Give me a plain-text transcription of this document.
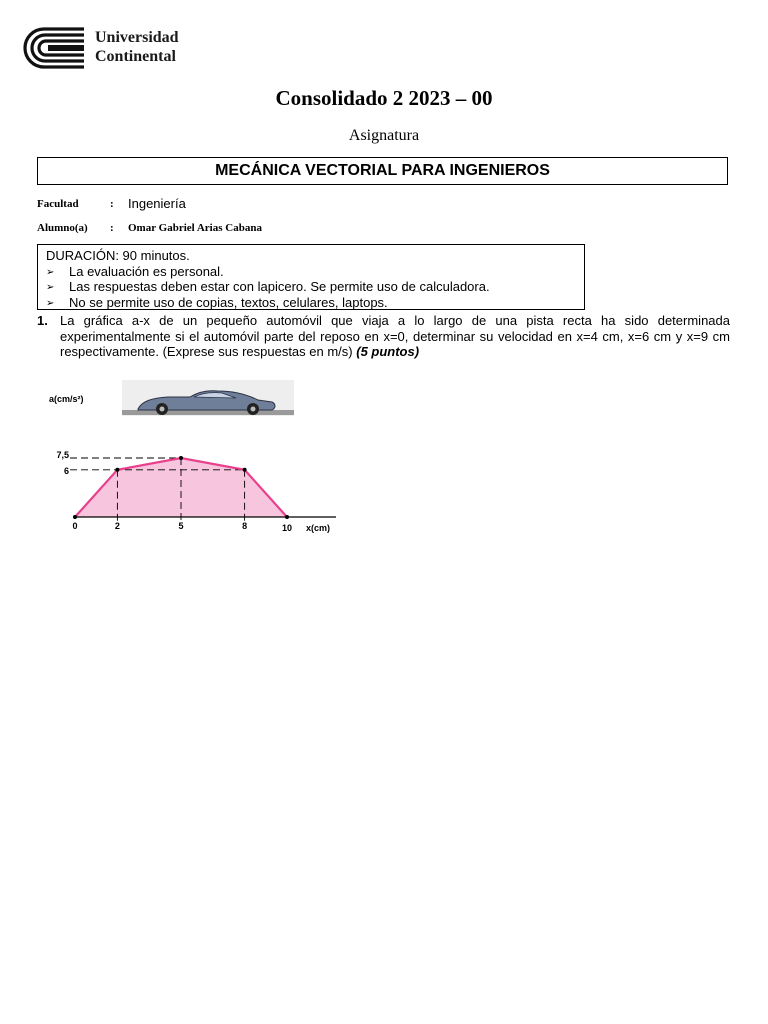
Universidad
Continental
Consolidado 2 2023 – 00
Asignatura
MECÁNICA VECTORIAL PARA INGENIEROS
Facultad	: Ingeniería
Alumno(a) : Omar Gabriel Arias Cabana
DURACIÓN: 90 minutos.
➢ La evaluación es personal.
➢ Las respuestas deben estar con lapicero. Se permite uso de calculadora.
➢ No se permite uso de copias, textos, celulares, laptops.
1. La gráfica a-x de un pequeño automóvil que viaja a lo largo de una pista recta ha sido determinada experimentalmente si el automóvil parte del reposo en x=0, determinar su velocidad en x=4 cm, x=6 cm y x=9 cm respectivamente. (Exprese sus respuestas en m/s) (5 puntos)
0	2	5	8	10
6
7,5
a(cm/s²)
x(cm)
